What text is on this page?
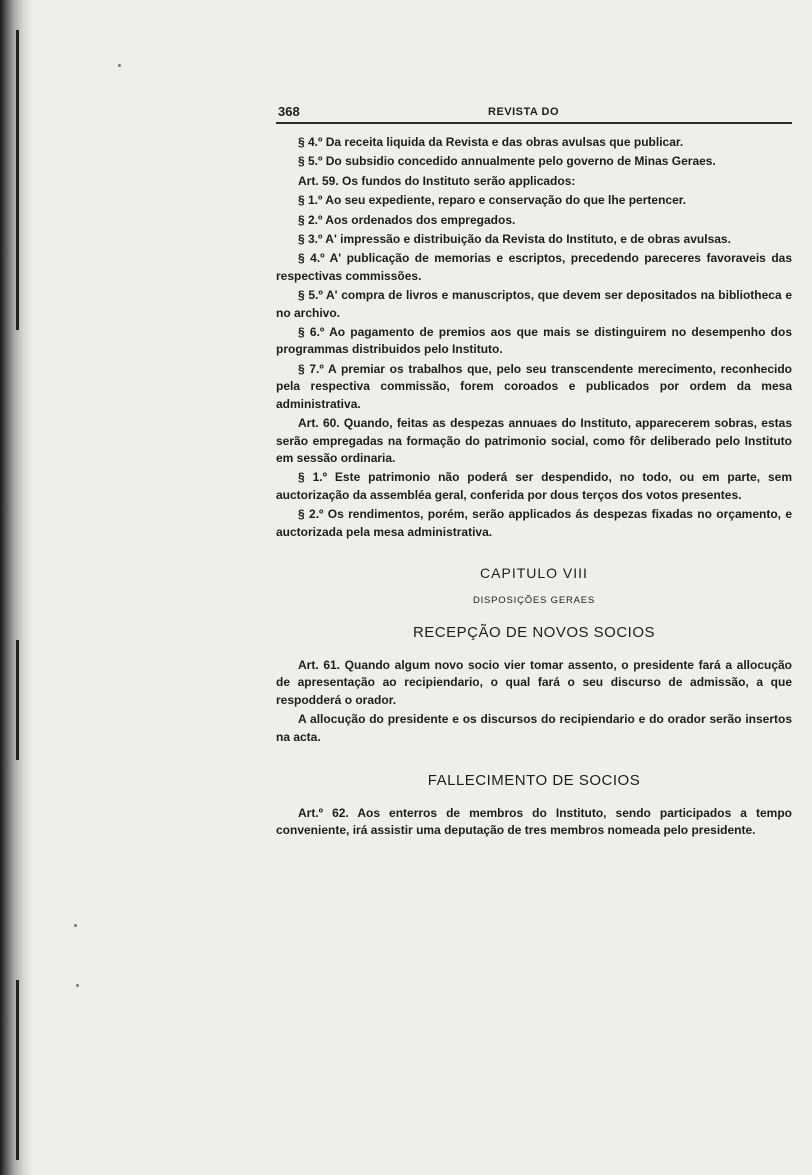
368	REVISTA DO

§ 4.º Da receita liquida da Revista e das obras avulsas que publicar.

§ 5.º Do subsidio concedido annualmente pelo governo de Minas Geraes.

Art. 59. Os fundos do Instituto serão applicados:

§ 1.º Ao seu expediente, reparo e conservação do que lhe pertencer.

§ 2.º Aos ordenados dos empregados.

§ 3.º A' impressão e distribuição da Revista do Instituto, e de obras avulsas.

§ 4.º A' publicação de memorias e escriptos, precedendo pareceres favoraveis das respectivas commissões.

§ 5.º A' compra de livros e manuscriptos, que devem ser depositados na bibliotheca e no archivo.

§ 6.º Ao pagamento de premios aos que mais se distinguirem no desempenho dos programmas distribuidos pelo Instituto.

§ 7.º A premiar os trabalhos que, pelo seu transcendente merecimento, reconhecido pela respectiva commissão, forem coroados e publicados por ordem da mesa administrativa.

Art. 60. Quando, feitas as despezas annuaes do Instituto, apparecerem sobras, estas serão empregadas na formação do patrimonio social, como fôr deliberado pelo Instituto em sessão ordinaria.

§ 1.º Este patrimonio não poderá ser despendido, no todo, ou em parte, sem auctorização da assembléa geral, conferida por dous terços dos votos presentes.

§ 2.º Os rendimentos, porém, serão applicados ás despezas fixadas no orçamento, e auctorizada pela mesa administrativa.

CAPITULO VIII
DISPOSIÇÕES GERAES
RECEPÇÃO DE NOVOS SOCIOS

Art. 61. Quando algum novo socio vier tomar assento, o presidente fará a allocução de apresentação ao recipiendario, o qual fará o seu discurso de admissão, a que respodderá o orador.

A allocução do presidente e os discursos do recipiendario e do orador serão insertos na acta.

FALLECIMENTO DE SOCIOS

Art.º 62. Aos enterros de membros do Instituto, sendo participados a tempo conveniente, irá assistir uma deputação de tres membros nomeada pelo presidente.
